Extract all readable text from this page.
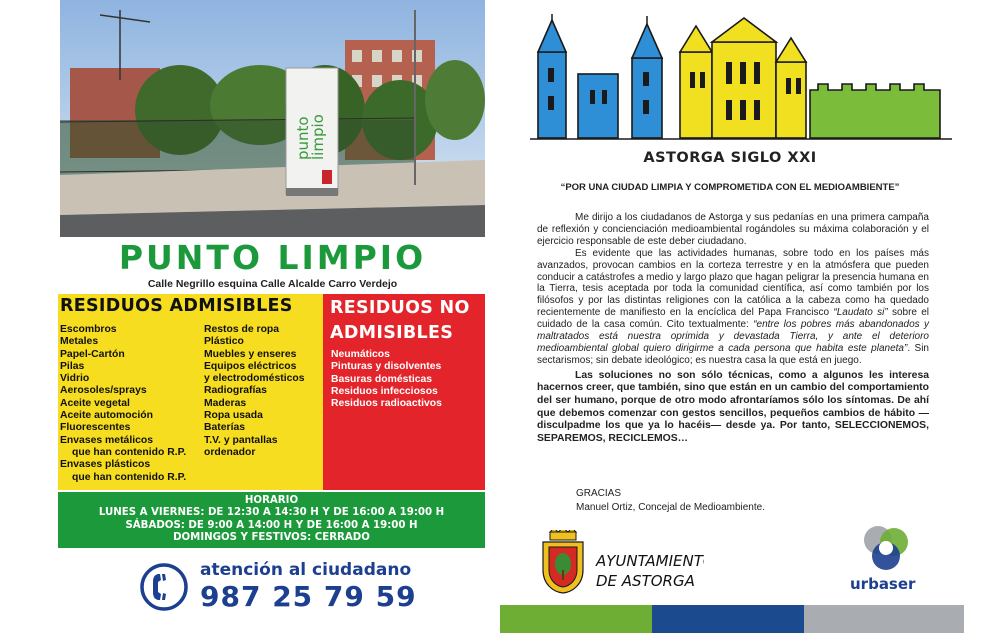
punto
limpio
PUNTO LIMPIO
Calle Negrillo esquina Calle Alcalde Carro Verdejo
RESIDUOS ADMISIBLES	RESIDUOS NO
ADMISIBLES
Escombros
Metales
Papel-Cartón
Pilas
Vidrio
Aerosoles/sprays
Aceite vegetal
Aceite automoción
Fluorescentes
Envases metálicos
que han contenido R.P.
Envases plásticos
que han contenido R.P.
Restos de ropa
Plástico
Muebles y enseres
Equipos eléctricos
y electrodomésticos
Radiografías
Maderas
Ropa usada
Baterías
T.V. y pantallas
ordenador
Neumáticos
Pinturas y disolventes
Basuras domésticas
Residuos infecciosos
Residuos radioactivos
HORARIO
LUNES A VIERNES: DE 12:30 A 14:30 H Y DE 16:00 A 19:00 H
SÁBADOS: DE 9:00 A 14:00 H Y DE 16:00 A 19:00 H
DOMINGOS Y FESTIVOS: CERRADO
atención al ciudadano
987 25 79 59
ASTORGA SIGLO XXI
“POR UNA CIUDAD LIMPIA Y COMPROMETIDA CON EL MEDIOAMBIENTE”

Me dirijo a los ciudadanos de Astorga y sus pedanías en una primera campaña de reflexión y concienciación medioambiental rogándoles su máxima colaboración y el ejercicio responsable de este deber ciudadano.

Es evidente que las actividades humanas, sobre todo en los países más avanzados, provocan cambios en la corteza terrestre y en la atmósfera que pueden conducir a catástrofes a medio y largo plazo que hagan peligrar la presencia humana en la Tierra, tesis aceptada por toda la comunidad científica, así como también por los filósofos y por las distintas religiones con la católica a la cabeza como ha quedado recientemente de manifiesto en la encíclica del Papa Francisco “Laudato si” sobre el cuidado de la casa común. Cito textualmente: “entre los pobres más abandonados y maltratados está nuestra oprimida y devastada Tierra, y ante el deterioro medioambiental global quiero dirigirme a cada persona que habita este planeta”. Sin sectarismos; sin debate ideológico; es nuestra casa la que está en juego.

Las soluciones no son sólo técnicas, como a algunos les interesa hacernos creer, que también, sino que están en un cambio del comportamiento del ser humano, porque de otro modo afrontaríamos sólo los síntomas. De ahí que debemos comenzar con gestos sencillos, pequeños cambios de hábito —disculpadme los que ya lo hacéis— desde ya. Por tanto, SELECCIONEMOS, SEPAREMOS, RECICLEMOS…

GRACIAS
Manuel Ortiz, Concejal de Medioambiente.
AYUNTAMIENTO
DE ASTORGA	urbaser
